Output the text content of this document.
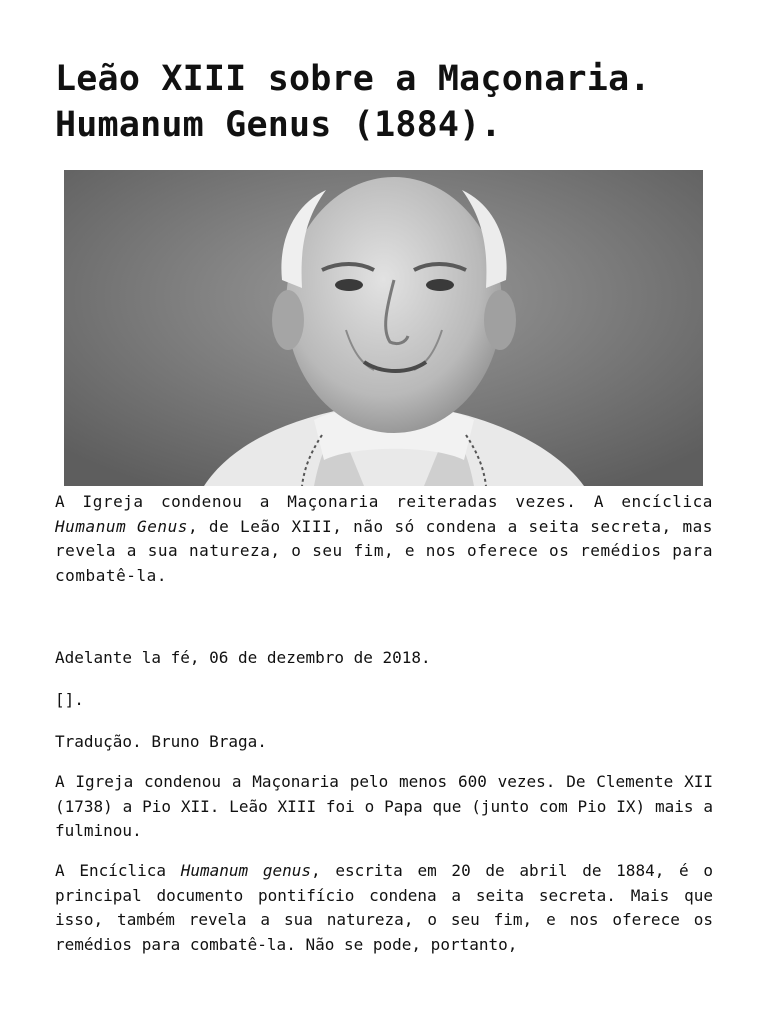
Leão XIII sobre a Maçonaria. Humanum Genus (1884).

A Igreja condenou a Maçonaria reiteradas vezes. A encíclica Humanum Genus, de Leão XIII, não só condena a seita secreta, mas revela a sua natureza, o seu fim, e nos oferece os remédios para combatê-la.

Adelante la fé, 06 de dezembro de 2018.

[].

Tradução. Bruno Braga.

A Igreja condenou a Maçonaria pelo menos 600 vezes. De Clemente XII (1738) a Pio XII. Leão XIII foi o Papa que (junto com Pio IX) mais a fulminou.

A Encíclica Humanum genus, escrita em 20 de abril de 1884, é o principal documento pontifício condena a seita secreta. Mais que isso, também revela a sua natureza, o seu fim, e nos oferece os remédios para combatê-la. Não se pode, portanto,
